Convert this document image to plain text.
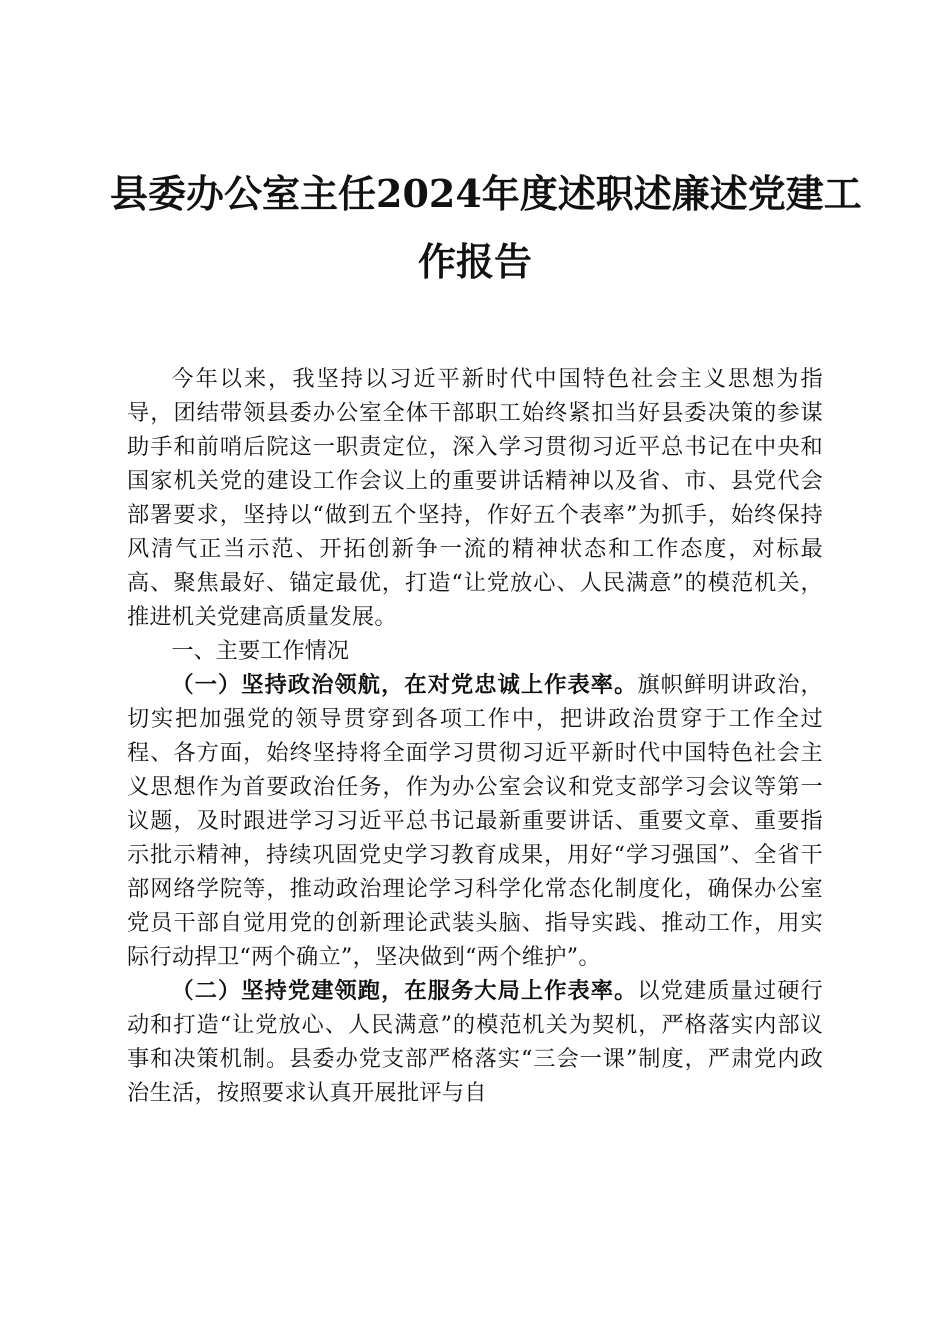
县委办公室主任2024年度述职述廉述党建工
作报告

今年以来，我坚持以习近平新时代中国特色社会主义思想为指导，团结带领县委办公室全体干部职工始终紧扣当好县委决策的参谋助手和前哨后院这一职责定位，深入学习贯彻习近平总书记在中央和国家机关党的建设工作会议上的重要讲话精神以及省、市、县党代会部署要求，坚持以“做到五个坚持，作好五个表率”为抓手，始终保持风清气正当示范、开拓创新争一流的精神状态和工作态度，对标最高、聚焦最好、锚定最优，打造“让党放心、人民满意”的模范机关，推进机关党建高质量发展。

一、主要工作情况

（一）坚持政治领航，在对党忠诚上作表率。旗帜鲜明讲政治，切实把加强党的领导贯穿到各项工作中，把讲政治贯穿于工作全过程、各方面，始终坚持将全面学习贯彻习近平新时代中国特色社会主义思想作为首要政治任务，作为办公室会议和党支部学习会议等第一议题，及时跟进学习习近平总书记最新重要讲话、重要文章、重要指示批示精神，持续巩固党史学习教育成果，用好“学习强国”、全省干部网络学院等，推动政治理论学习科学化常态化制度化，确保办公室党员干部自觉用党的创新理论武装头脑、指导实践、推动工作，用实际行动捍卫“两个确立”，坚决做到“两个维护”。

（二）坚持党建领跑，在服务大局上作表率。以党建质量过硬行动和打造“让党放心、人民满意”的模范机关为契机，严格落实内部议事和决策机制。县委办党支部严格落实“三会一课”制度，严肃党内政治生活，按照要求认真开展批评与自
